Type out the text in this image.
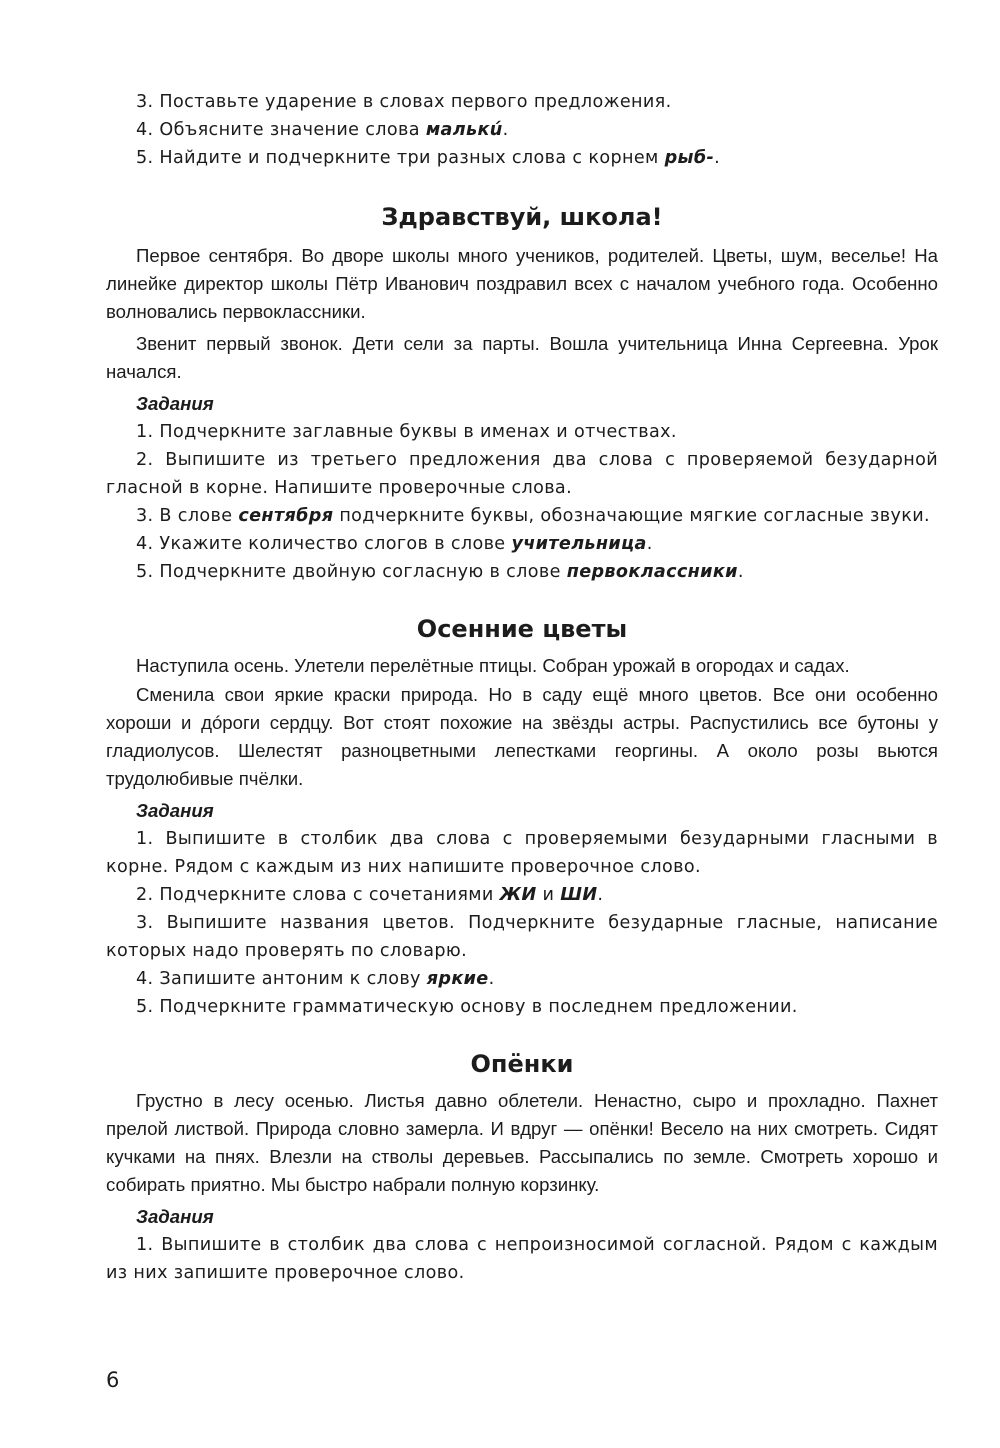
3. Поставьте ударение в словах первого предложения.

4. Объясните значение слова малькú.

5. Найдите и подчеркните три разных слова с корнем рыб-.

Здравствуй, школа!

Первое сентября. Во дворе школы много учеников, родителей. Цветы, шум, веселье! На линейке директор школы Пётр Иванович поздравил всех с началом учебного года. Особенно волновались первоклассники.

Звенит первый звонок. Дети сели за парты. Вошла учительница Инна Сергеевна. Урок начался.

Задания

1. Подчеркните заглавные буквы в именах и отчествах.

2. Выпишите из третьего предложения два слова с проверяемой безударной гласной в корне. Напишите проверочные слова.

3. В слове сентября подчеркните буквы, обозначающие мягкие согласные звуки.

4. Укажите количество слогов в слове учительница.

5. Подчеркните двойную согласную в слове первоклассники.

Осенние цветы

Наступила осень. Улетели перелётные птицы. Собран урожай в огородах и садах.

Сменила свои яркие краски природа. Но в саду ещё много цветов. Все они особенно хороши и дóроги сердцу. Вот стоят похожие на звёзды астры. Распустились все бутоны у гладиолусов. Шелестят разноцветными лепестками георгины. А около розы вьются трудолюбивые пчёлки.

Задания

1. Выпишите в столбик два слова с проверяемыми безударными гласными в корне. Рядом с каждым из них напишите проверочное слово.

2. Подчеркните слова с сочетаниями ЖИ и ШИ.

3. Выпишите названия цветов. Подчеркните безударные гласные, написание которых надо проверять по словарю.

4. Запишите антоним к слову яркие.

5. Подчеркните грамматическую основу в последнем предложении.

Опёнки

Грустно в лесу осенью. Листья давно облетели. Ненастно, сыро и прохладно. Пахнет прелой листвой. Природа словно замерла. И вдруг — опёнки! Весело на них смотреть. Сидят кучками на пнях. Влезли на стволы деревьев. Рассыпались по земле. Смотреть хорошо и собирать приятно. Мы быстро набрали полную корзинку.

Задания

1. Выпишите в столбик два слова с непроизносимой согласной. Рядом с каждым из них запишите проверочное слово.

6
